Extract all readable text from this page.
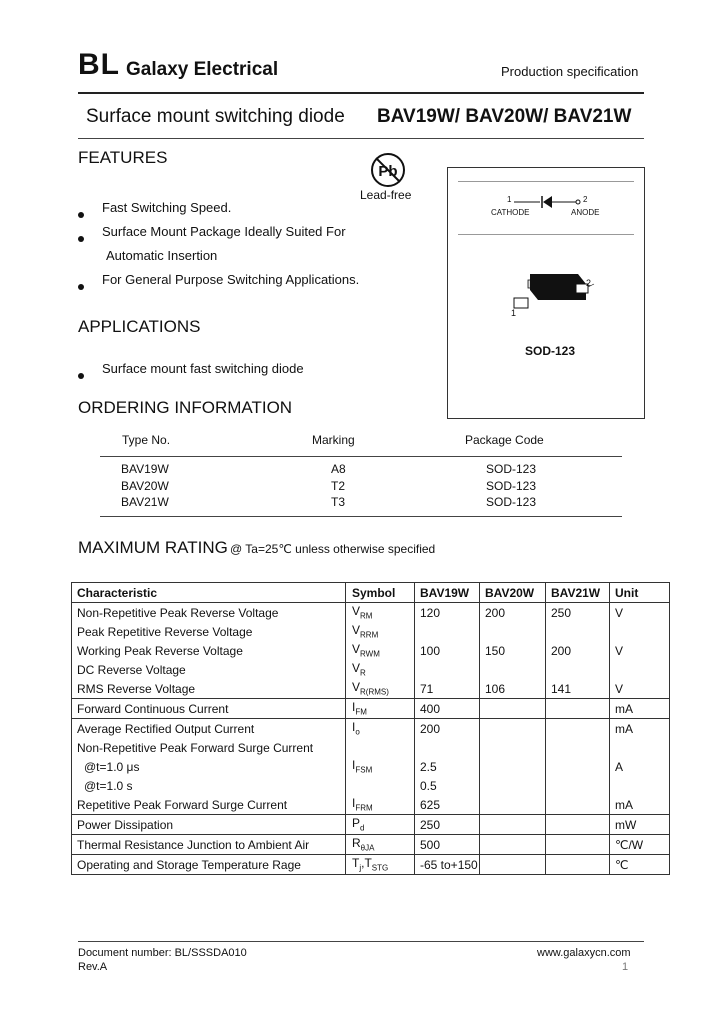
BL Galaxy Electrical	Production specification
Surface mount switching diode BAV19W/ BAV20W/ BAV21W
FEATURES
Fast Switching Speed.
Surface Mount Package Ideally Suited For
Automatic Insertion
For General Purpose Switching Applications.
Pb
Lead-free	1
CATHODE
2
ANODE
1
2
SOD-123
APPLICATIONS
Surface mount fast switching diode
ORDERING INFORMATION
Type No.	Marking	Package Code
BAV19W	A8	SOD-123
BAV20W	T2	SOD-123
BAV21W	T3	SOD-123
MAXIMUM RATING @ Ta=25℃ unless otherwise specified
Characteristic	Symbol	BAV19W	BAV20W	BAV21W	Unit
Non-Repetitive Peak Reverse Voltage	$V_{RM}$	120	200	250	V
Peak Repetitive Reverse Voltage	$V_{RRM}$				
Working Peak Reverse Voltage	$V_{RWM}$	100	150	200	V
DC Reverse Voltage	$V_R$				
RMS Reverse Voltage	$V_{R(RMS)}$	71	106	141	V
Forward Continuous Current	$I_{FM}$	400			mA
Average Rectified Output Current	$I_o$	200			mA
Non-Repetitive Peak Forward Surge Current					
@t=1.0 μs	$I_{FSM}$	2.5			A
@t=1.0 s		0.5			
Repetitive Peak Forward Surge Current	$I_{FRM}$	625			mA
Power Dissipation	$P_d$	250			mW
Thermal Resistance Junction to Ambient Air	$R_{\theta JA}$	500			℃/W
Operating and Storage Temperature Rage	$T_j,T_{STG}$	-65 to+150			℃
Document number: BL/SSSDA010
Rev.A
www.galaxycn.com
1
